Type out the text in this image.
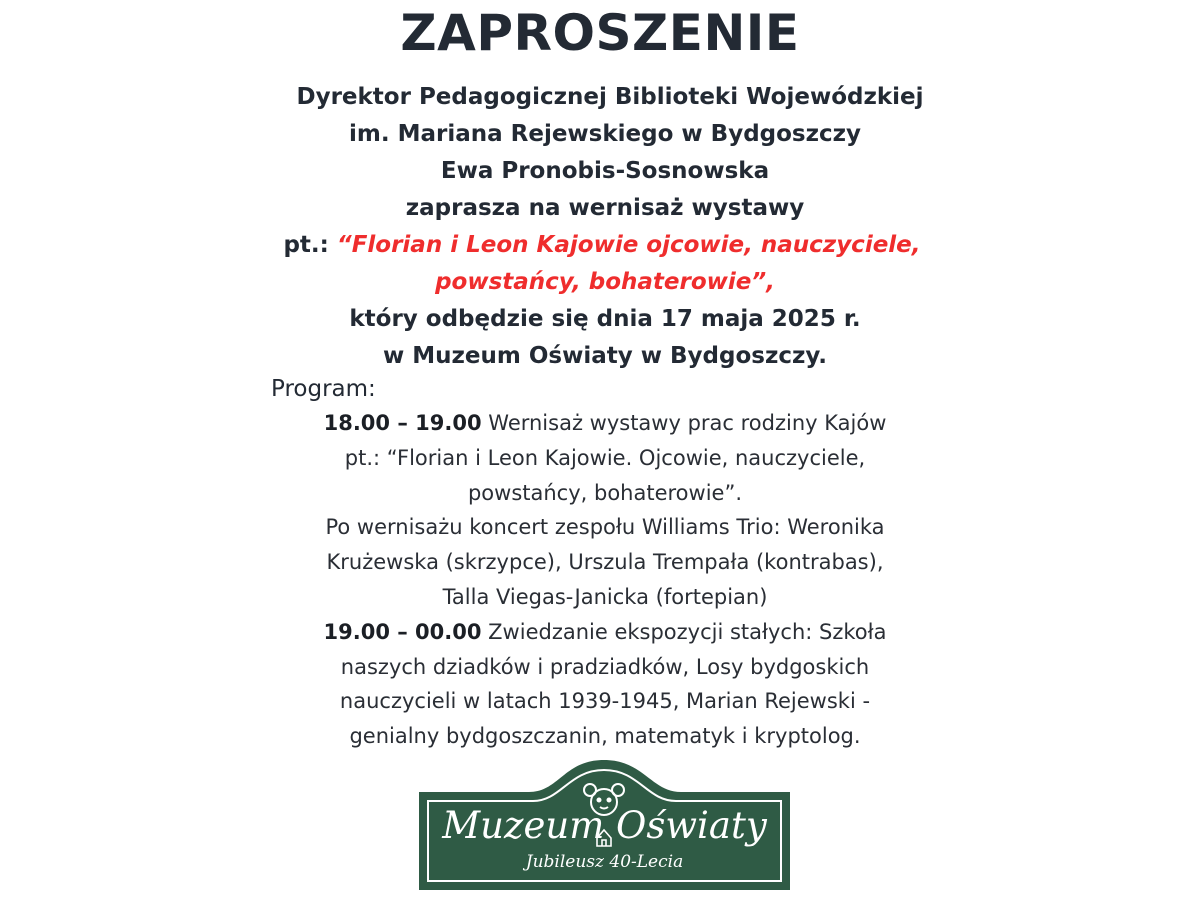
ZAPROSZENIE
Dyrektor Pedagogicznej Biblioteki Wojewódzkiej
im. Mariana Rejewskiego w Bydgoszczy
Ewa Pronobis-Sosnowska
zaprasza na wernisaż wystawy
pt.: “Florian i Leon Kajowie ojcowie, nauczyciele,
powstańcy, bohaterowie”,
który odbędzie się dnia 17 maja 2025 r.
w Muzeum Oświaty w Bydgoszczy.
Program:
18.00 – 19.00 Wernisaż wystawy prac rodziny Kajów
pt.: “Florian i Leon Kajowie. Ojcowie, nauczyciele,
powstańcy, bohaterowie”.
Po wernisażu koncert zespołu Williams Trio: Weronika
Krużewska (skrzypce), Urszula Trempała (kontrabas),
Talla Viegas-Janicka (fortepian)
19.00 – 00.00 Zwiedzanie ekspozycji stałych: Szkoła
naszych dziadków i pradziadków, Losy bydgoskich
nauczycieli w latach 1939-1945, Marian Rejewski -
genialny bydgoszczanin, matematyk i kryptolog.
Muzeum Oświaty
Jubileusz 40-Lecia
